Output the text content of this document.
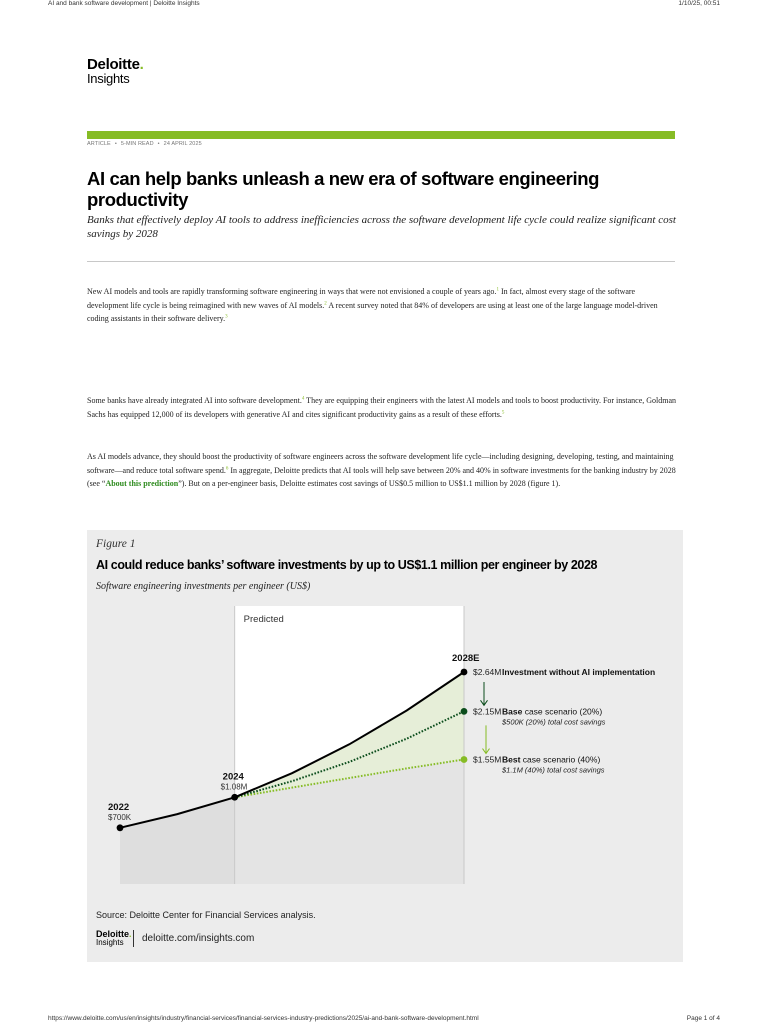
AI and bank software development | Deloitte Insights	1/10/25, 00:51
Deloitte.
Insights
ARTICLE • 5-MIN READ • 24 APRIL 2025
AI can help banks unleash a new era of software engineering productivity

Banks that effectively deploy AI tools to address inefficiencies across the software development life cycle could realize significant cost savings by 2028

New AI models and tools are rapidly transforming software engineering in ways that were not envisioned a couple of years ago.$^1$ In fact, almost every stage of the software development life cycle is being reimagined with new waves of AI models.$^2$ A recent survey noted that 84% of developers are using at least one of the large language model-driven coding assistants in their software delivery.$^3$

Some banks have already integrated AI into software development.$^4$ They are equipping their engineers with the latest AI models and tools to boost productivity. For instance, Goldman Sachs has equipped 12,000 of its developers with generative AI and cites significant productivity gains as a result of these efforts.$^5$

As AI models advance, they should boost the productivity of software engineers across the software development life cycle—including designing, developing, testing, and maintaining software—and reduce total software spend.$^6$ In aggregate, Deloitte predicts that AI tools will help save between 20% and 40% in software investments for the banking industry by 2028 (see “About this prediction”). But on a per-engineer basis, Deloitte estimates cost savings of US$0.5 million to US$1.1 million by 2028 (figure 1).

Figure 1
AI could reduce banks’ software investments by up to US$1.1 million per engineer by 2028
Software engineering investments per engineer (US$)
Predicted
2022
$700K
2024
$1.08M
2028E
$2.64M Investment without AI implementation
$2.15M Base case scenario (20%)
$500K (20%) total cost savings
$1.55M Best case scenario (40%)
$1.1M (40%) total cost savings
Source: Deloitte Center for Financial Services analysis.
Deloitte.
Insights	deloitte.com/insights.com
https://www.deloitte.com/us/en/insights/industry/financial-services/financial-services-industry-predictions/2025/ai-and-bank-software-development.html	Page 1 of 4
